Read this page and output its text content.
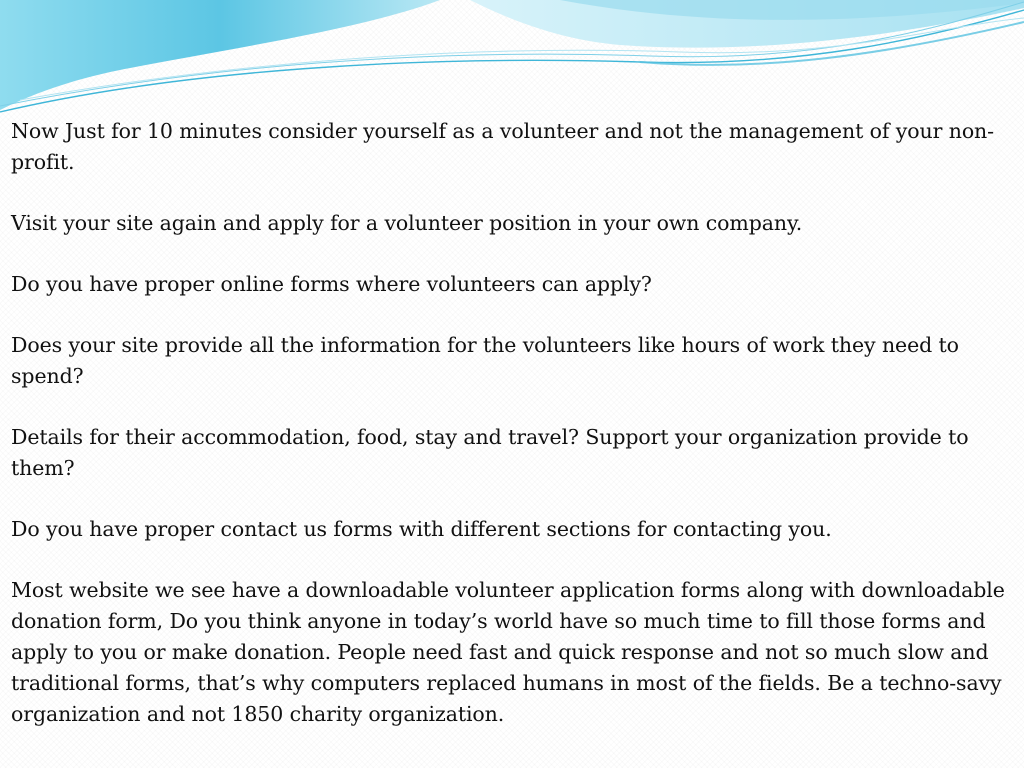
Now Just for 10 minutes consider yourself as a volunteer and not the management of your non-profit.

Visit your site again and apply for a volunteer position in your own company.

Do you have proper online forms where volunteers can apply?

Does your site provide all the information for the volunteers like hours of work they need to spend?

Details for their accommodation, food, stay and travel? Support your organization provide to them?

Do you have proper contact us forms with different sections for contacting you.

Most website we see have a downloadable volunteer application forms along with downloadable donation form, Do you think anyone in today’s world have so much time to fill those forms and apply to you or make donation. People need fast and quick response and not so much slow and traditional forms, that’s why computers replaced humans in most of the fields. Be a techno-savy organization and not 1850 charity organization.
